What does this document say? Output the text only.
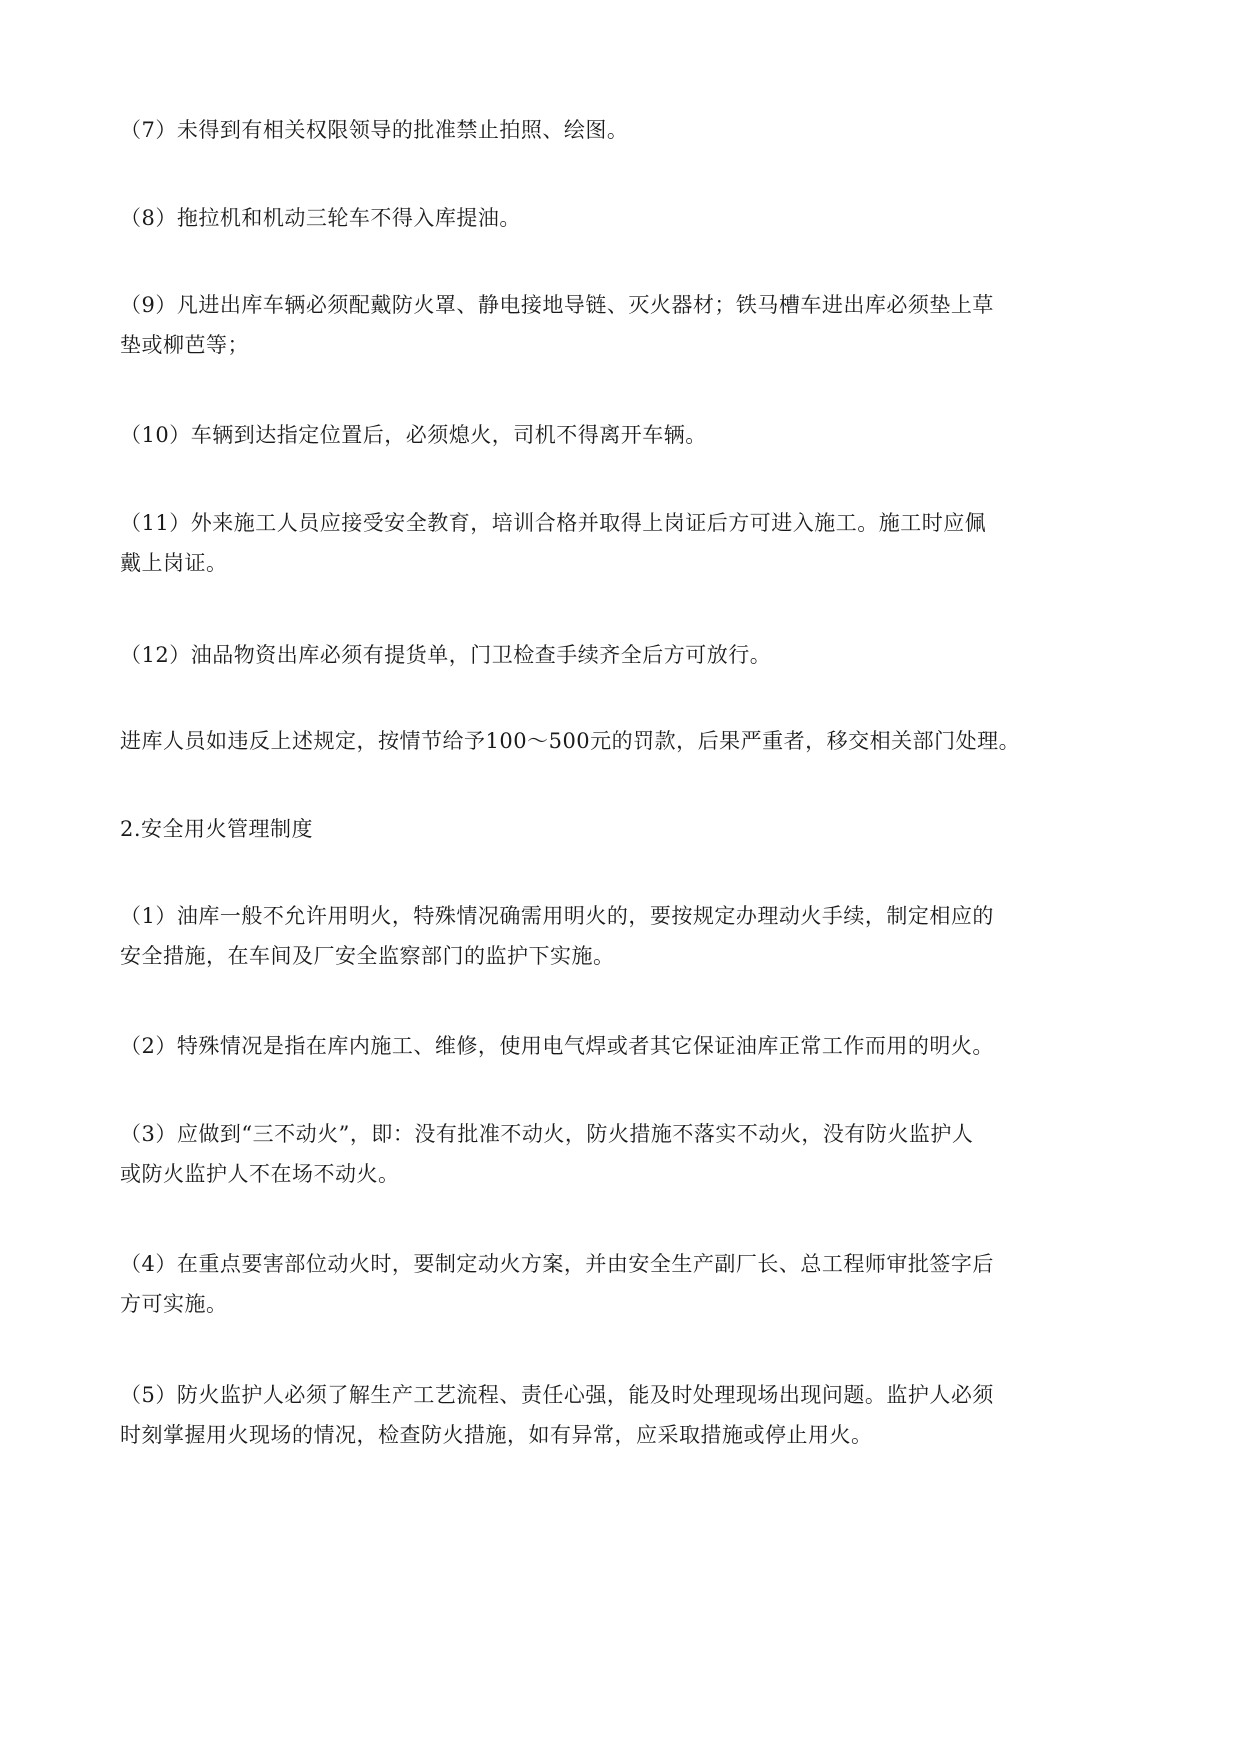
（7）未得到有相关权限领导的批准禁止拍照、绘图。

（8）拖拉机和机动三轮车不得入库提油。

（9）凡进出库车辆必须配戴防火罩、静电接地导链、灭火器材；铁马槽车进出库必须垫上草
垫或柳芭等；

（10）车辆到达指定位置后，必须熄火，司机不得离开车辆。

（11）外来施工人员应接受安全教育，培训合格并取得上岗证后方可进入施工。施工时应佩
戴上岗证。

（12）油品物资出库必须有提货单，门卫检查手续齐全后方可放行。

进库人员如违反上述规定，按情节给予100～500元的罚款，后果严重者，移交相关部门处理。

2.安全用火管理制度

（1）油库一般不允许用明火，特殊情况确需用明火的，要按规定办理动火手续，制定相应的
安全措施，在车间及厂安全监察部门的监护下实施。

（2）特殊情况是指在库内施工、维修，使用电气焊或者其它保证油库正常工作而用的明火。

（3）应做到“三不动火”，即：没有批准不动火，防火措施不落实不动火，没有防火监护人
或防火监护人不在场不动火。

（4）在重点要害部位动火时，要制定动火方案，并由安全生产副厂长、总工程师审批签字后
方可实施。

（5）防火监护人必须了解生产工艺流程、责任心强，能及时处理现场出现问题。监护人必须
时刻掌握用火现场的情况，检查防火措施，如有异常，应采取措施或停止用火。
